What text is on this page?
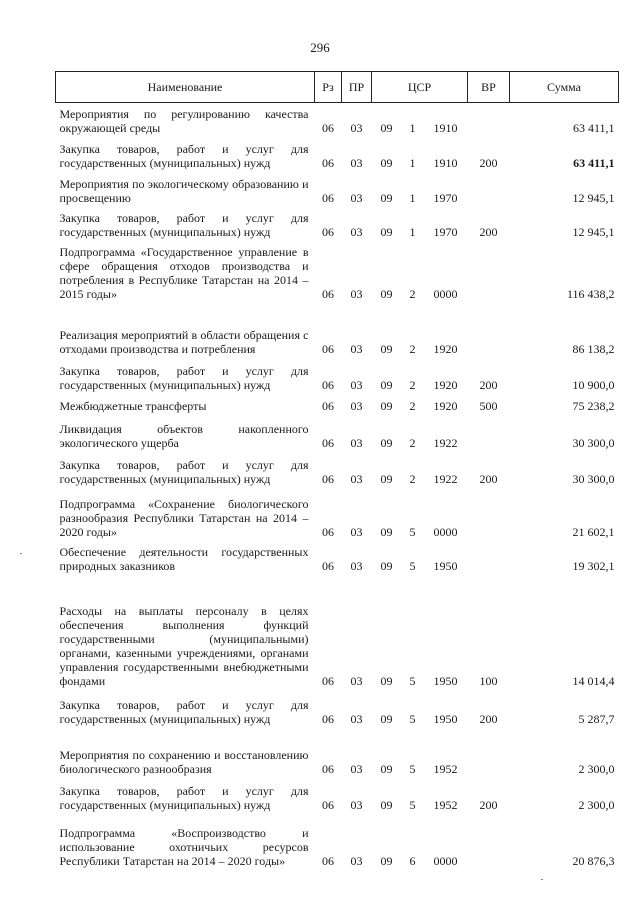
296
Наименование	Рз	ПР	ЦСР			ВР	Сумма
Мероприятия по регулированию качества окружающей среды	06	03	09	1	1910		63 411,1
Закупка товаров, работ и услуг для государственных (муниципальных) нужд	06	03	09	1	1910	200	63 411,1
Мероприятия по экологическому образованию и просвещению	06	03	09	1	1970		12 945,1
Закупка товаров, работ и услуг для государственных (муниципальных) нужд	06	03	09	1	1970	200	12 945,1
Подпрограмма «Государственное управление в сфере обращения отходов производства и потребления в Республике Татарстан на 2014 – 2015 годы»	06	03	09	2	0000		116 438,2
Реализация мероприятий в области обращения с отходами производства и потребления	06	03	09	2	1920		86 138,2
Закупка товаров, работ и услуг для государственных (муниципальных) нужд	06	03	09	2	1920	200	10 900,0
Межбюджетные трансферты	06	03	09	2	1920	500	75 238,2
Ликвидация объектов накопленного экологического ущерба	06	03	09	2	1922		30 300,0
Закупка товаров, работ и услуг для государственных (муниципальных) нужд	06	03	09	2	1922	200	30 300,0
Подпрограмма «Сохранение биологического разнообразия Республики Татарстан на 2014 – 2020 годы»	06	03	09	5	0000		21 602,1
Обеспечение деятельности государственных природных заказников	06	03	09	5	1950		19 302,1
Расходы на выплаты персоналу в целях обеспечения выполнения функций государственными (муниципальными) органами, казенными учреждениями, органами управления государственными внебюджетными фондами	06	03	09	5	1950	100	14 014,4
Закупка товаров, работ и услуг для государственных (муниципальных) нужд	06	03	09	5	1950	200	5 287,7
Мероприятия по сохранению и восстановлению биологического разнообразия	06	03	09	5	1952		2 300,0
Закупка товаров, работ и услуг для государственных (муниципальных) нужд	06	03	09	5	1952	200	2 300,0
Подпрограмма «Воспроизводство и использование охотничьих ресурсов Республики Татарстан на 2014 – 2020 годы»	06	03	09	6	0000		20 876,3
